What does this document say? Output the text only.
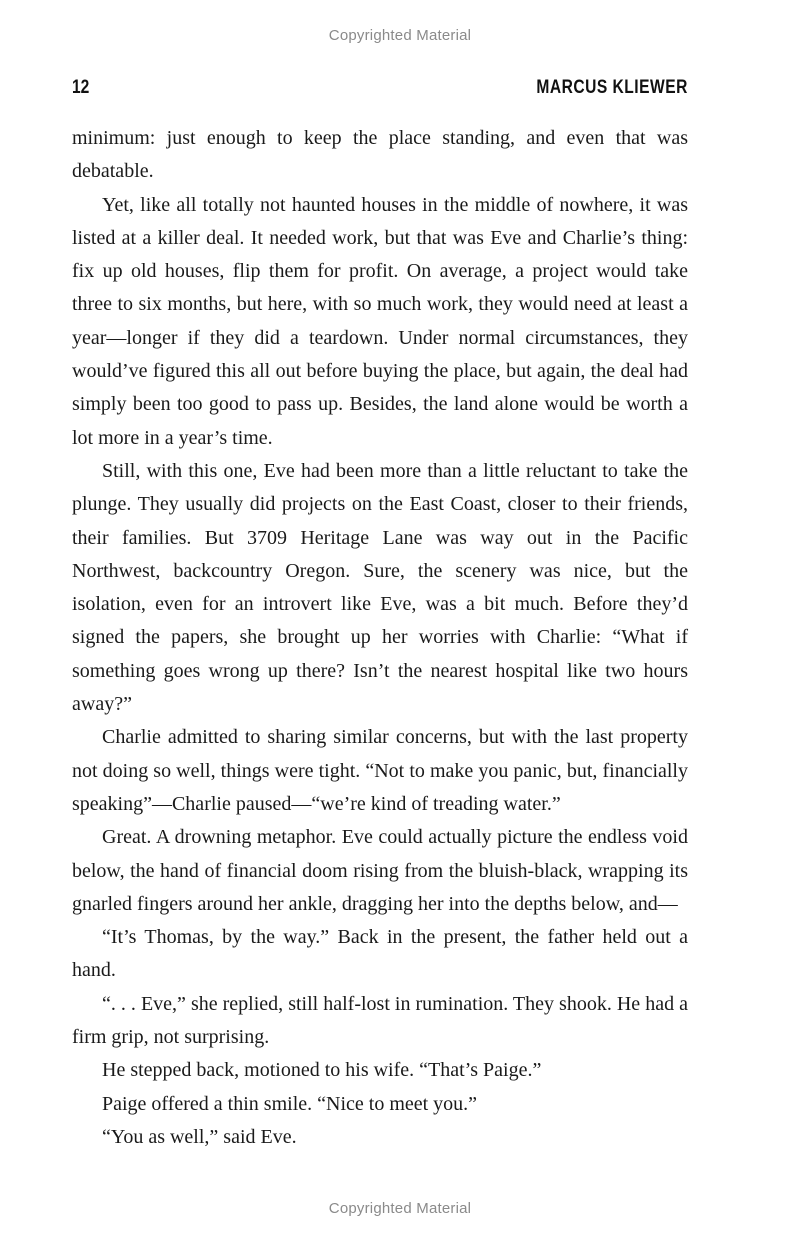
Copyrighted Material
12	MARCUS KLIEWER

minimum: just enough to keep the place standing, and even that was debatable.

Yet, like all totally not haunted houses in the middle of nowhere, it was listed at a killer deal. It needed work, but that was Eve and Charlie’s thing: fix up old houses, flip them for profit. On average, a project would take three to six months, but here, with so much work, they would need at least a year—longer if they did a teardown. Under normal circumstances, they would’ve figured this all out before buying the place, but again, the deal had simply been too good to pass up. Besides, the land alone would be worth a lot more in a year’s time.

Still, with this one, Eve had been more than a little reluctant to take the plunge. They usually did projects on the East Coast, closer to their friends, their families. But 3709 Heritage Lane was way out in the Pacific Northwest, backcountry Oregon. Sure, the scenery was nice, but the isolation, even for an introvert like Eve, was a bit much. Before they’d signed the papers, she brought up her worries with Charlie: “What if something goes wrong up there? Isn’t the nearest hospital like two hours away?”

Charlie admitted to sharing similar concerns, but with the last property not doing so well, things were tight. “Not to make you panic, but, financially speaking”—Charlie paused—“we’re kind of treading water.”

Great. A drowning metaphor. Eve could actually picture the endless void below, the hand of financial doom rising from the bluish-black, wrapping its gnarled fingers around her ankle, dragging her into the depths below, and—

“It’s Thomas, by the way.” Back in the present, the father held out a hand.

“. . . Eve,” she replied, still half-lost in rumination. They shook. He had a firm grip, not surprising.

He stepped back, motioned to his wife. “That’s Paige.”

Paige offered a thin smile. “Nice to meet you.”

“You as well,” said Eve.

Copyrighted Material
